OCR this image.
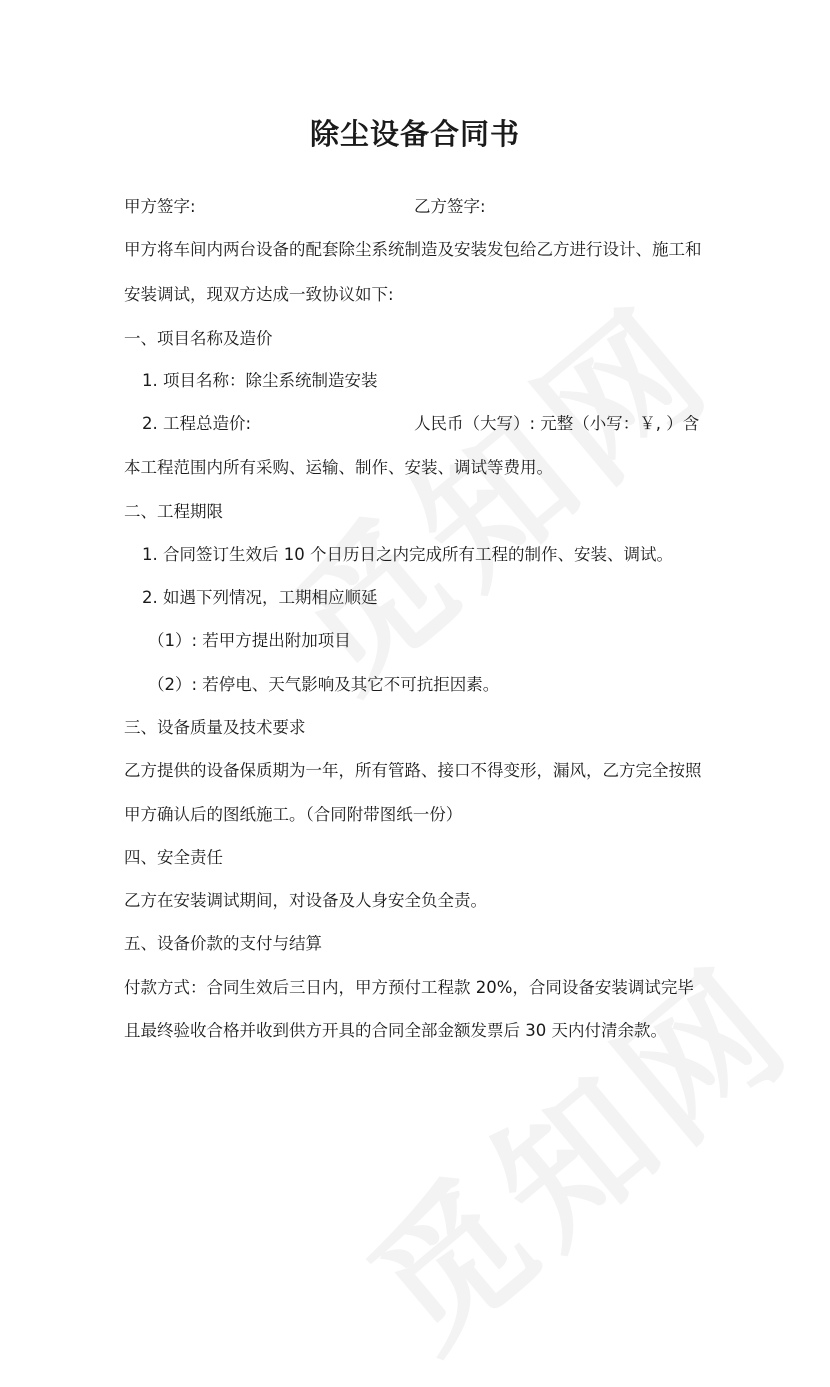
除尘设备合同书
甲方签字:	乙方签字:
甲方将车间内两台设备的配套除尘系统制造及安装发包给乙方进行设计、施工和
安装调试，现双方达成一致协议如下:
一、项目名称及造价
1. 项目名称：除尘系统制造安装
2. 工程总造价:	人民币（大写）: 元整（小写：￥, ）含
本工程范围内所有采购、运输、制作、安装、调试等费用。
二、工程期限
1. 合同签订生效后 10 个日历日之内完成所有工程的制作、安装、调试。
2. 如遇下列情况，工期相应顺延
（1）: 若甲方提出附加项目
（2）: 若停电、天气影响及其它不可抗拒因素。
三、设备质量及技术要求
乙方提供的设备保质期为一年，所有管路、接口不得变形，漏风，乙方完全按照
甲方确认后的图纸施工。（合同附带图纸一份）
四、安全责任
乙方在安装调试期间，对设备及人身安全负全责。
五、设备价款的支付与结算
付款方式：合同生效后三日内，甲方预付工程款 20%，合同设备安装调试完毕
且最终验收合格并收到供方开具的合同全部金额发票后 30 天内付清余款。
